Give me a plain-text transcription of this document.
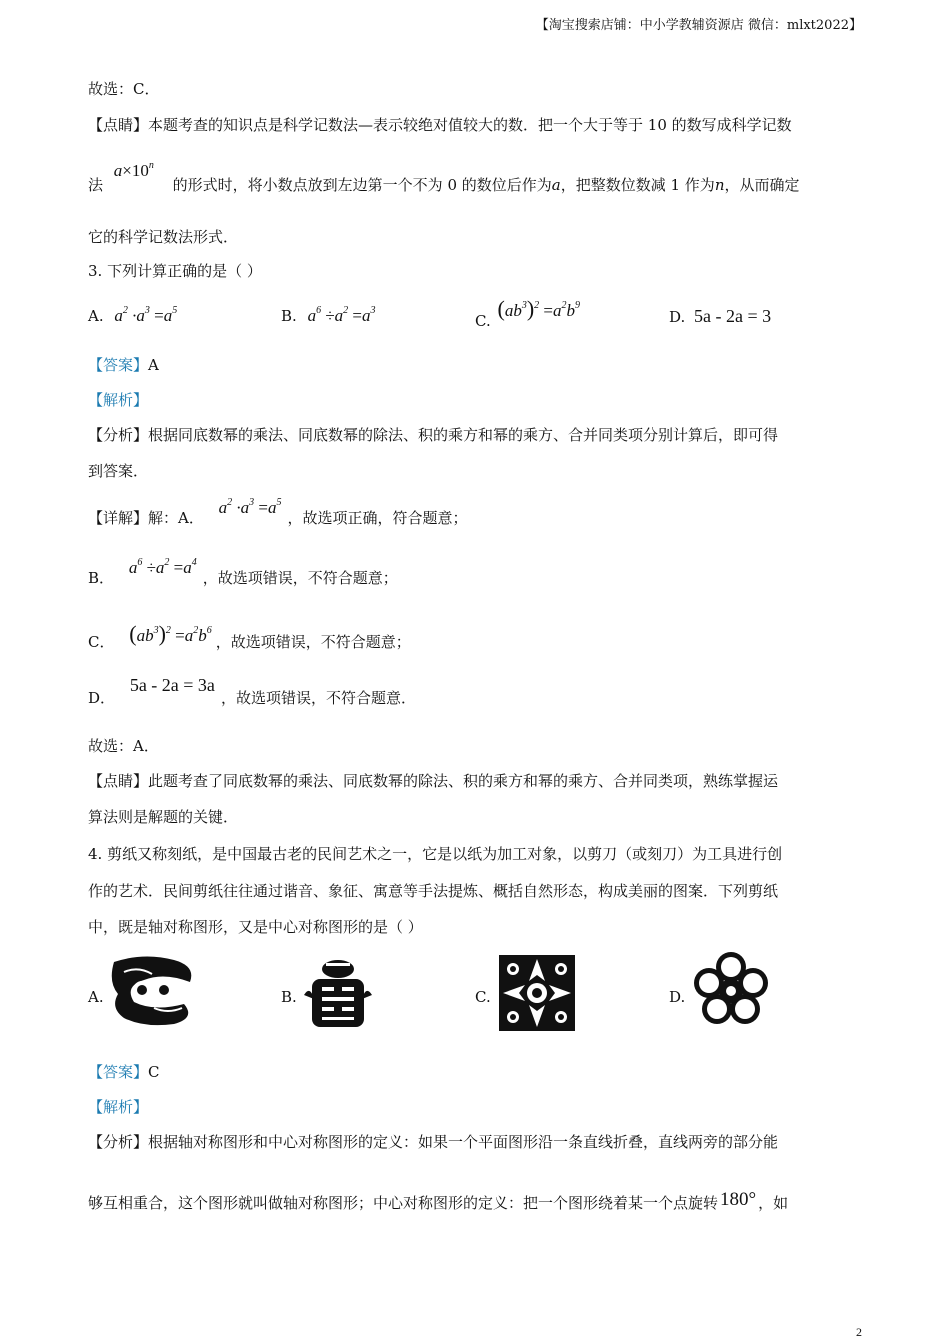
【淘宝搜索店铺：中小学教辅资源店 微信：mlxt2022】
故选：C．
【点睛】本题考查的知识点是科学记数法—表示较绝对值较大的数．把一个大于等于 10 的数写成科学记数
法 $a\times 10^n$ 的形式时，将小数点放到左边第一个不为 0 的数位后作为a，把整数位数减 1 作为n，从而确定
它的科学记数法形式．
3. 下列计算正确的是（ ）
A. $a^2 \cdot a^3 =a^5$	B. $a^6 \div a^2 =a^3$
C. $(ab^3)^2 =a^2b^9$
D. 5a - 2a = 3
【答案】A
【解析】
【分析】根据同底数幂的乘法、同底数幂的除法、积的乘方和幂的乘方、合并同类项分别计算后，即可得
到答案．
【详解】解：A． $a^2 \cdot a^3 =a^5$，故选项正确，符合题意；
B． $a^6 \div a^2 =a^4$，故选项错误，不符合题意；
C． $(ab^3)^2 =a^2b^6$，故选项错误，不符合题意；
D． 5a - 2a = 3a，故选项错误，不符合题意．
故选：A．
【点睛】此题考查了同底数幂的乘法、同底数幂的除法、积的乘方和幂的乘方、合并同类项，熟练掌握运
算法则是解题的关键．
4. 剪纸又称刻纸，是中国最古老的民间艺术之一，它是以纸为加工对象，以剪刀（或刻刀）为工具进行创
作的艺术．民间剪纸往往通过谐音、象征、寓意等手法提炼、概括自然形态，构成美丽的图案．下列剪纸
中，既是轴对称图形，又是中心对称图形的是（ ）
A.	B.	C.	D.
【答案】C
【解析】
【分析】根据轴对称图形和中心对称图形的定义：如果一个平面图形沿一条直线折叠，直线两旁的部分能
够互相重合，这个图形就叫做轴对称图形；中心对称图形的定义：把一个图形绕着某一个点旋转 180° ，如
2
